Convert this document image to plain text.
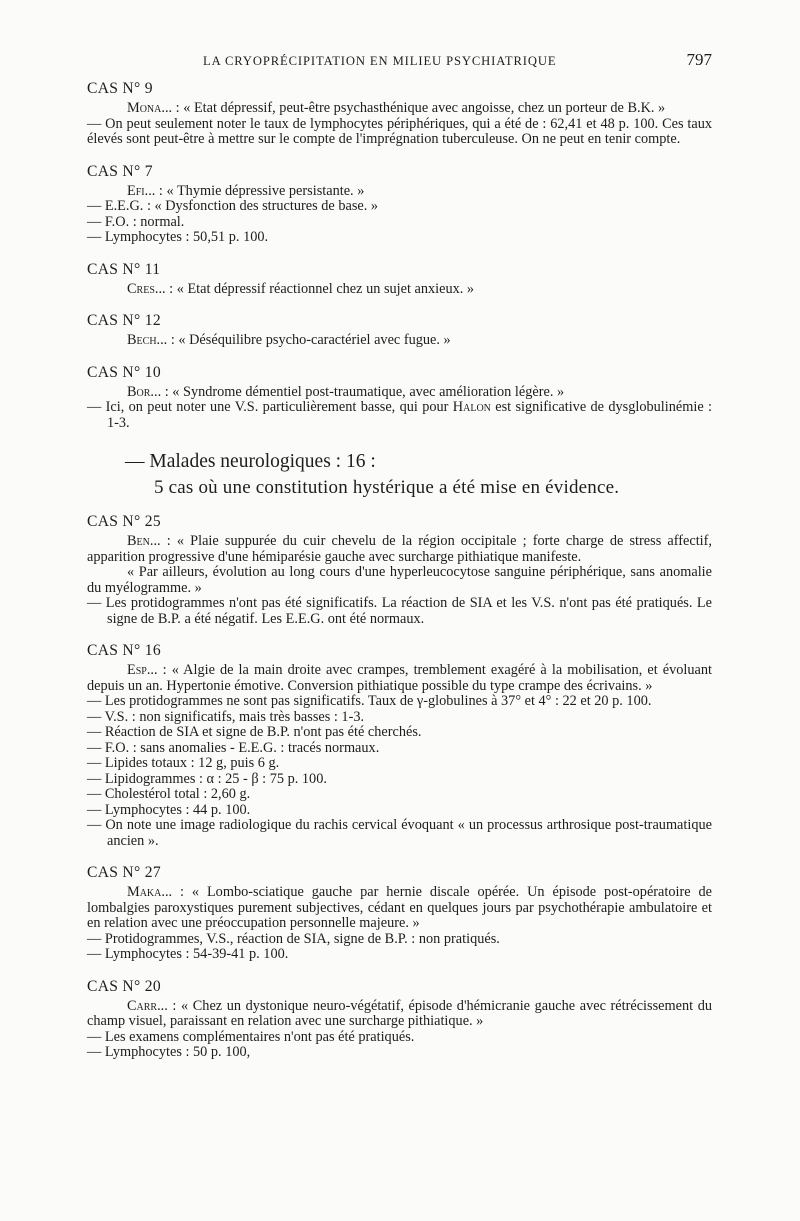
LA CRYOPRÉCIPITATION EN MILIEU PSYCHIATRIQUE	797
CAS N° 9

Mona... : « Etat dépressif, peut-être psychasthénique avec angoisse, chez un porteur de B.K. »

— On peut seulement noter le taux de lymphocytes périphériques, qui a été de : 62,41 et 48 p. 100. Ces taux élevés sont peut-être à mettre sur le compte de l'imprégnation tuberculeuse. On ne peut en tenir compte.

CAS N° 7

Efi... : « Thymie dépressive persistante. »

— E.E.G. : « Dysfonction des structures de base. »

— F.O. : normal.

— Lymphocytes : 50,51 p. 100.

CAS N° 11

Cres... : « Etat dépressif réactionnel chez un sujet anxieux. »

CAS N° 12

Bech... : « Déséquilibre psycho-caractériel avec fugue. »

CAS N° 10

Bor... : « Syndrome démentiel post-traumatique, avec amélioration légère. »

— Ici, on peut noter une V.S. particulièrement basse, qui pour Halon est significative de dysglobulinémie : 1-3.

— Malades neurologiques : 16 :
5 cas où une constitution hystérique a été mise en évidence.
CAS N° 25

Ben... : « Plaie suppurée du cuir chevelu de la région occipitale ; forte charge de stress affectif, apparition progressive d'une hémiparésie gauche avec surcharge pithiatique manifeste.

« Par ailleurs, évolution au long cours d'une hyperleucocytose sanguine périphérique, sans anomalie du myélogramme. »

— Les protidogrammes n'ont pas été significatifs. La réaction de SIA et les V.S. n'ont pas été pratiqués. Le signe de B.P. a été négatif. Les E.E.G. ont été normaux.

CAS N° 16

Esp... : « Algie de la main droite avec crampes, tremblement exagéré à la mobilisation, et évoluant depuis un an. Hypertonie émotive. Conversion pithiatique possible du type crampe des écrivains. »

— Les protidogrammes ne sont pas significatifs. Taux de γ-globulines à 37° et 4° : 22 et 20 p. 100.

— V.S. : non significatifs, mais très basses : 1-3.

— Réaction de SIA et signe de B.P. n'ont pas été cherchés.

— F.O. : sans anomalies - E.E.G. : tracés normaux.

— Lipides totaux : 12 g, puis 6 g.

— Lipidogrammes : α : 25 - β : 75 p. 100.

— Cholestérol total : 2,60 g.

— Lymphocytes : 44 p. 100.

— On note une image radiologique du rachis cervical évoquant « un processus arthrosique post-traumatique ancien ».

CAS N° 27

Maka... : « Lombo-sciatique gauche par hernie discale opérée. Un épisode post-opératoire de lombalgies paroxystiques purement subjectives, cédant en quelques jours par psychothérapie ambulatoire et en relation avec une préoccupation personnelle majeure. »

— Protidogrammes, V.S., réaction de SIA, signe de B.P. : non pratiqués.

— Lymphocytes : 54-39-41 p. 100.

CAS N° 20

Carr... : « Chez un dystonique neuro-végétatif, épisode d'hémicranie gauche avec rétrécissement du champ visuel, paraissant en relation avec une surcharge pithiatique. »

— Les examens complémentaires n'ont pas été pratiqués.

— Lymphocytes : 50 p. 100,
